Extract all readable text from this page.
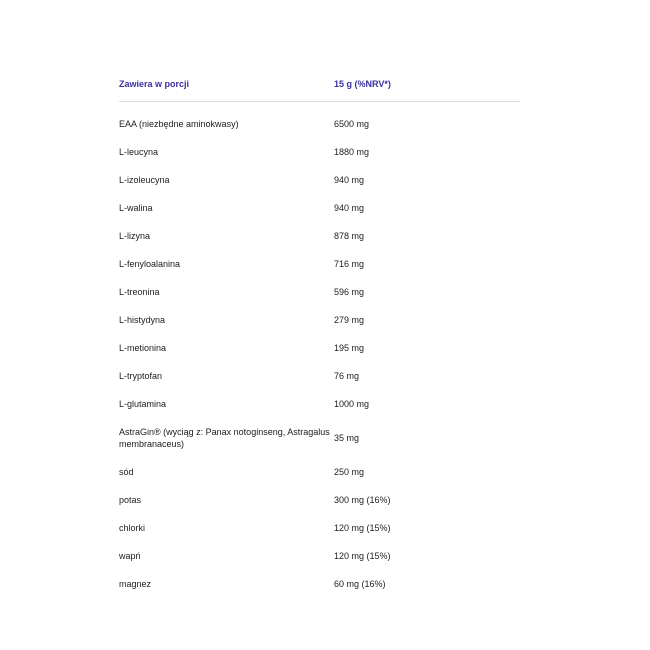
Zawiera w porcji	15 g (%NRV*)

EAA (niezbędne aminokwasy)	6500 mg
L-leucyna	1880 mg
L-izoleucyna	940 mg
L-walina	940 mg
L-lizyna	878 mg
L-fenyloalanina	716 mg
L-treonina	596 mg
L-histydyna	279 mg
L-metionina	195 mg
L-tryptofan	76 mg
L-glutamina	1000 mg
AstraGin® (wyciąg z: Panax notoginseng, Astragalus membranaceus)	35 mg
sód	250 mg
potas	300 mg (16%)
chlorki	120 mg (15%)
wapń	120 mg (15%)
magnez	60 mg (16%)
